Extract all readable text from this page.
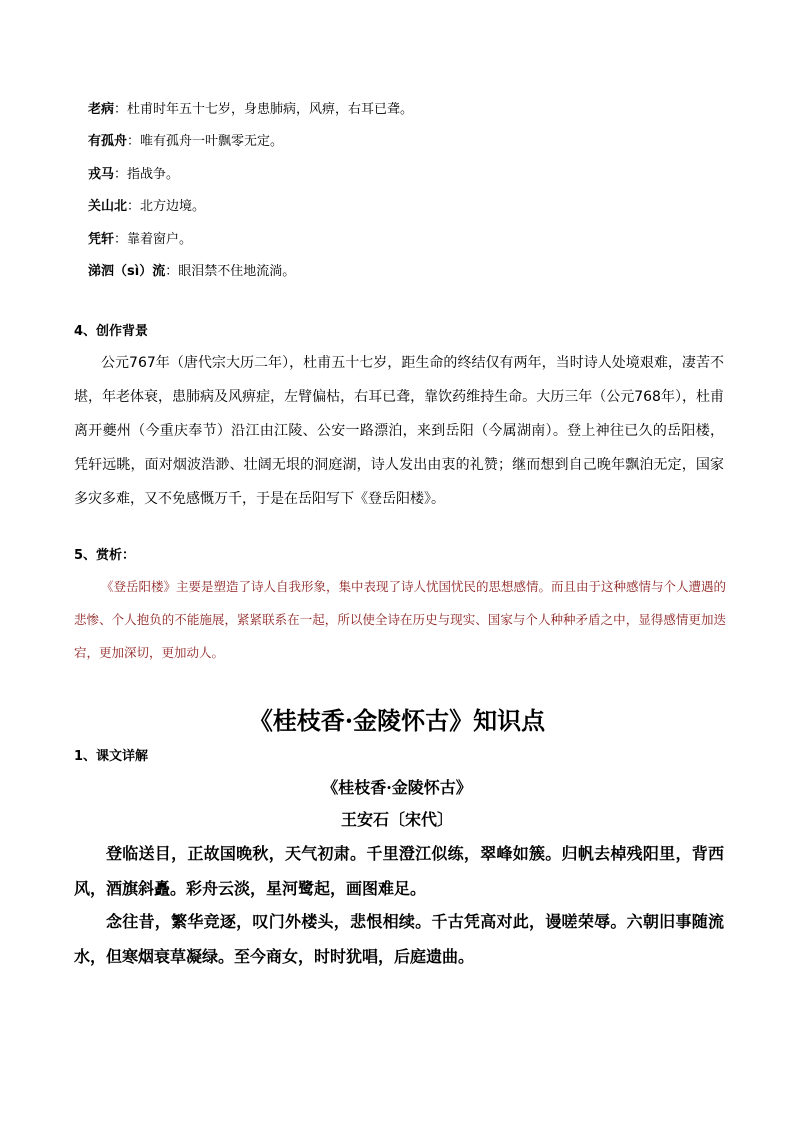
老病：杜甫时年五十七岁，身患肺病，风痹，右耳已聋。
有孤舟：唯有孤舟一叶飘零无定。
戎马：指战争。
关山北：北方边境。
凭轩：靠着窗户。
涕泗（sì）流：眼泪禁不住地流淌。
4、创作背景
公元767年（唐代宗大历二年），杜甫五十七岁，距生命的终结仅有两年，当时诗人处境艰难，凄苦不堪，年老体衰，患肺病及风痹症，左臂偏枯，右耳已聋，靠饮药维持生命。大历三年（公元768年），杜甫离开夔州（今重庆奉节）沿江由江陵、公安一路漂泊，来到岳阳（今属湖南）。登上神往已久的岳阳楼，凭轩远眺，面对烟波浩渺、壮阔无垠的洞庭湖，诗人发出由衷的礼赞；继而想到自己晚年飘泊无定，国家多灾多难，又不免感慨万千，于是在岳阳写下《登岳阳楼》。
5、赏析：
《登岳阳楼》主要是塑造了诗人自我形象，集中表现了诗人忧国忧民的思想感情。而且由于这种感情与个人遭遇的悲惨、个人抱负的不能施展，紧紧联系在一起，所以使全诗在历史与现实、国家与个人种种矛盾之中，显得感情更加迭宕，更加深切，更加动人。
《桂枝香·金陵怀古》知识点
1、课文详解
《桂枝香·金陵怀古》
王安石〔宋代〕
登临送目，正故国晚秋，天气初肃。千里澄江似练，翠峰如簇。归帆去棹残阳里，背西风，酒旗斜矗。彩舟云淡，星河鹭起，画图难足。
念往昔，繁华竞逐，叹门外楼头，悲恨相续。千古凭高对此，谩嗟荣辱。六朝旧事随流水，但寒烟衰草凝绿。至今商女，时时犹唱，后庭遗曲。
